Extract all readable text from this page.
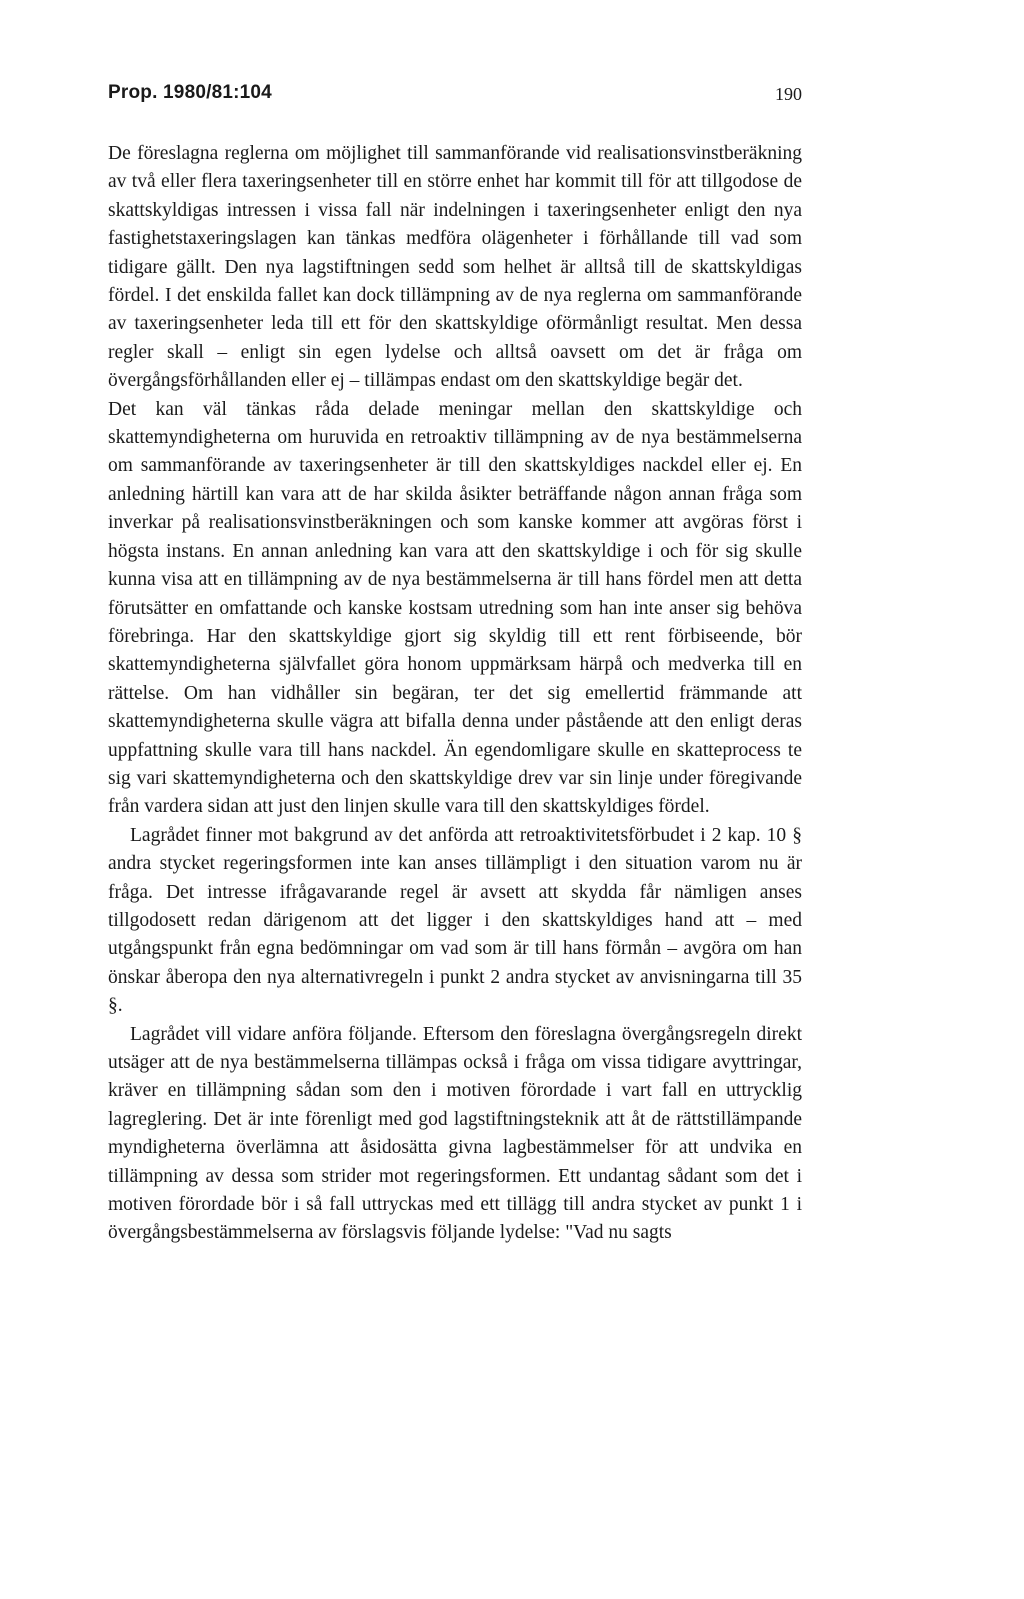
Prop. 1980/81:104	190

De föreslagna reglerna om möjlighet till sammanförande vid realisationsvinstberäkning av två eller flera taxeringsenheter till en större enhet har kommit till för att tillgodose de skattskyldigas intressen i vissa fall när indelningen i taxeringsenheter enligt den nya fastighetstaxeringslagen kan tänkas medföra olägenheter i förhållande till vad som tidigare gällt. Den nya lagstiftningen sedd som helhet är alltså till de skattskyldigas fördel. I det enskilda fallet kan dock tillämpning av de nya reglerna om sammanförande av taxeringsenheter leda till ett för den skattskyldige oförmånligt resultat. Men dessa regler skall – enligt sin egen lydelse och alltså oavsett om det är fråga om övergångsförhållanden eller ej – tillämpas endast om den skattskyldige begär det.

Det kan väl tänkas råda delade meningar mellan den skattskyldige och skattemyndigheterna om huruvida en retroaktiv tillämpning av de nya bestämmelserna om sammanförande av taxeringsenheter är till den skattskyldiges nackdel eller ej. En anledning härtill kan vara att de har skilda åsikter beträffande någon annan fråga som inverkar på realisationsvinstberäkningen och som kanske kommer att avgöras först i högsta instans. En annan anledning kan vara att den skattskyldige i och för sig skulle kunna visa att en tillämpning av de nya bestämmelserna är till hans fördel men att detta förutsätter en omfattande och kanske kostsam utredning som han inte anser sig behöva förebringa. Har den skattskyldige gjort sig skyldig till ett rent förbiseende, bör skattemyndigheterna självfallet göra honom uppmärksam härpå och medverka till en rättelse. Om han vidhåller sin begäran, ter det sig emellertid främmande att skattemyndigheterna skulle vägra att bifalla denna under påstående att den enligt deras uppfattning skulle vara till hans nackdel. Än egendomligare skulle en skatteprocess te sig vari skattemyndigheterna och den skattskyldige drev var sin linje under föregivande från vardera sidan att just den linjen skulle vara till den skattskyldiges fördel.

Lagrådet finner mot bakgrund av det anförda att retroaktivitetsförbudet i 2 kap. 10 § andra stycket regeringsformen inte kan anses tillämpligt i den situation varom nu är fråga. Det intresse ifrågavarande regel är avsett att skydda får nämligen anses tillgodosett redan därigenom att det ligger i den skattskyldiges hand att – med utgångspunkt från egna bedömningar om vad som är till hans förmån – avgöra om han önskar åberopa den nya alternativregeln i punkt 2 andra stycket av anvisningarna till 35 §.

Lagrådet vill vidare anföra följande. Eftersom den föreslagna övergångsregeln direkt utsäger att de nya bestämmelserna tillämpas också i fråga om vissa tidigare avyttringar, kräver en tillämpning sådan som den i motiven förordade i vart fall en uttrycklig lagreglering. Det är inte förenligt med god lagstiftningsteknik att åt de rättstillämpande myndigheterna överlämna att åsidosätta givna lagbestämmelser för att undvika en tillämpning av dessa som strider mot regeringsformen. Ett undantag sådant som det i motiven förordade bör i så fall uttryckas med ett tillägg till andra stycket av punkt 1 i övergångsbestämmelserna av förslagsvis följande lydelse: "Vad nu sagts
